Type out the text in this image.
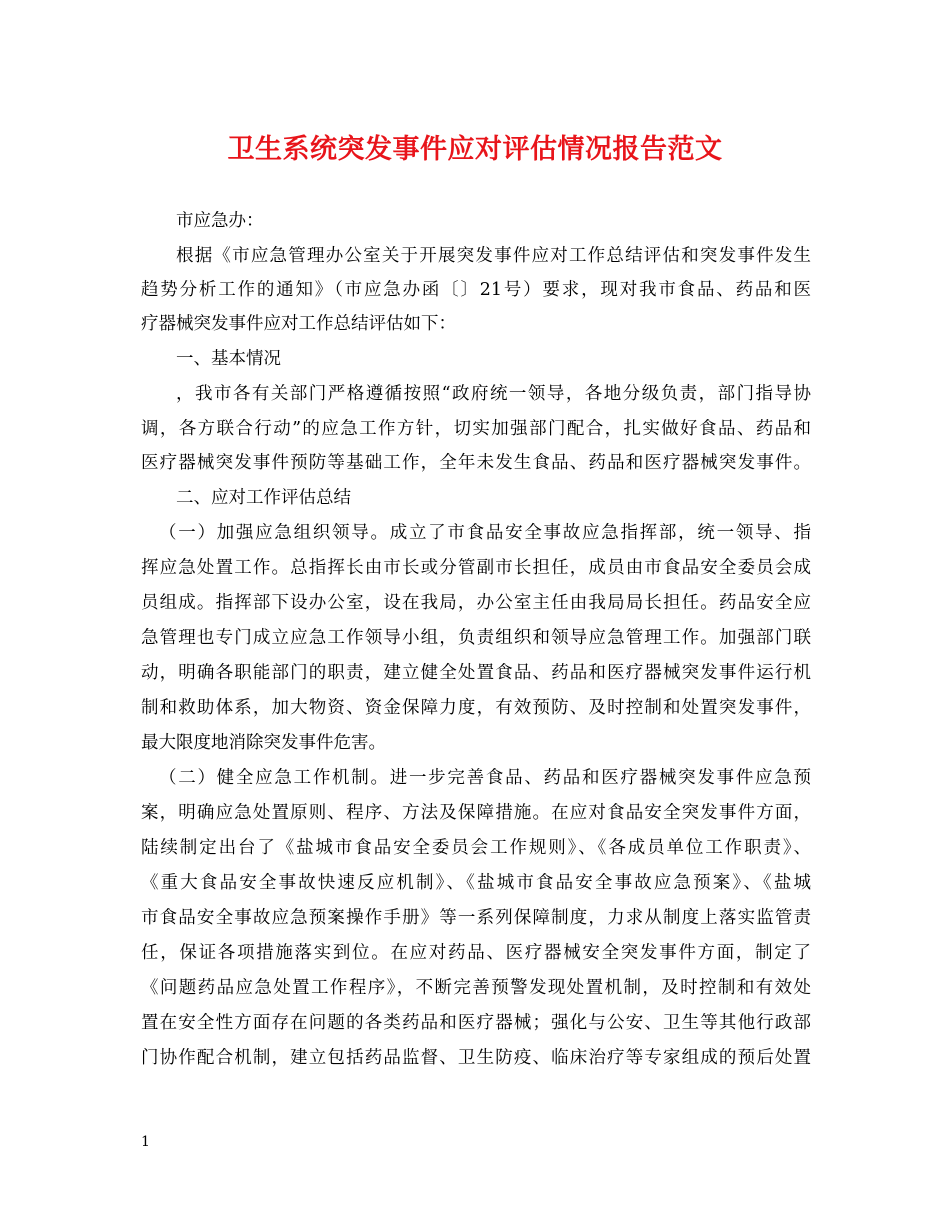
卫生系统突发事件应对评估情况报告范文
市应急办：
根据《市应急管理办公室关于开展突发事件应对工作总结评估和突发事件发生
趋势分析工作的通知》（市应急办函〔〕21号）要求，现对我市食品、药品和医
疗器械突发事件应对工作总结评估如下：
一、基本情况
，我市各有关部门严格遵循按照“政府统一领导，各地分级负责，部门指导协
调，各方联合行动”的应急工作方针，切实加强部门配合，扎实做好食品、药品和
医疗器械突发事件预防等基础工作，全年未发生食品、药品和医疗器械突发事件。
二、应对工作评估总结
（一）加强应急组织领导。成立了市食品安全事故应急指挥部，统一领导、指
挥应急处置工作。总指挥长由市长或分管副市长担任，成员由市食品安全委员会成
员组成。指挥部下设办公室，设在我局，办公室主任由我局局长担任。药品安全应
急管理也专门成立应急工作领导小组，负责组织和领导应急管理工作。加强部门联
动，明确各职能部门的职责，建立健全处置食品、药品和医疗器械突发事件运行机
制和救助体系，加大物资、资金保障力度，有效预防、及时控制和处置突发事件，
最大限度地消除突发事件危害。
（二）健全应急工作机制。进一步完善食品、药品和医疗器械突发事件应急预
案，明确应急处置原则、程序、方法及保障措施。在应对食品安全突发事件方面，
陆续制定出台了《盐城市食品安全委员会工作规则》、《各成员单位工作职责》、
《重大食品安全事故快速反应机制》、《盐城市食品安全事故应急预案》、《盐城
市食品安全事故应急预案操作手册》等一系列保障制度，力求从制度上落实监管责
任，保证各项措施落实到位。在应对药品、医疗器械安全突发事件方面，制定了
《问题药品应急处置工作程序》，不断完善预警发现处置机制，及时控制和有效处
置在安全性方面存在问题的各类药品和医疗器械；强化与公安、卫生等其他行政部
门协作配合机制，建立包括药品监督、卫生防疫、临床治疗等专家组成的预后处置
1
